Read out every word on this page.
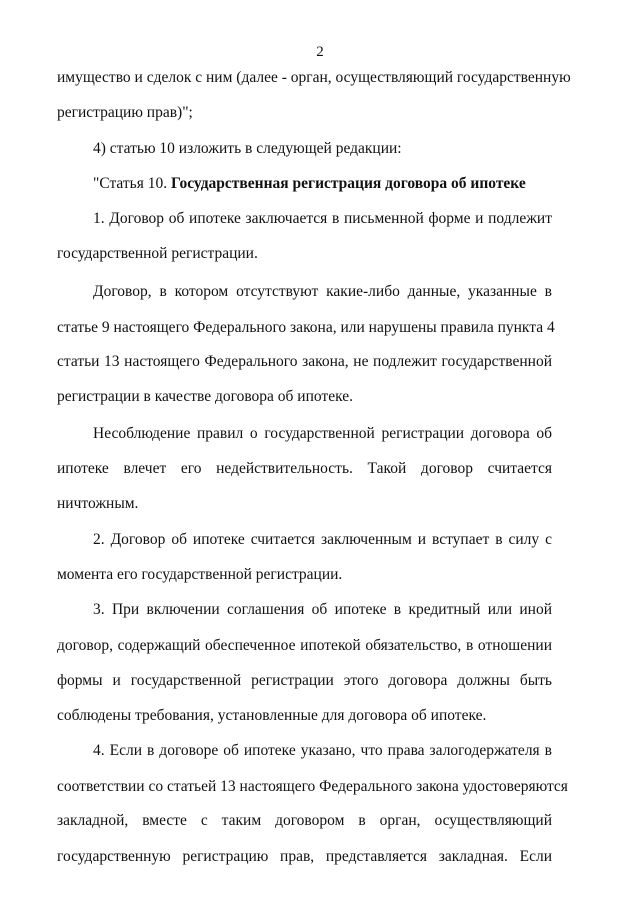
2
имущество и сделок с ним (далее - орган, осуществляющий государственную
регистрацию прав)";
4) статью 10 изложить в следующей редакции:
"Статья 10. Государственная регистрация договора об ипотеке
1. Договор об ипотеке заключается в письменной форме и подлежит
государственной регистрации.
Договор, в котором отсутствуют какие-либо данные, указанные в
статье 9 настоящего Федерального закона, или нарушены правила пункта 4
статьи 13 настоящего Федерального закона, не подлежит государственной
регистрации в качестве договора об ипотеке.
Несоблюдение правил о государственной регистрации договора об
ипотеке влечет его недействительность. Такой договор считается
ничтожным.
2. Договор об ипотеке считается заключенным и вступает в силу с
момента его государственной регистрации.
3. При включении соглашения об ипотеке в кредитный или иной
договор, содержащий обеспеченное ипотекой обязательство, в отношении
формы и государственной регистрации этого договора должны быть
соблюдены требования, установленные для договора об ипотеке.
4. Если в договоре об ипотеке указано, что права залогодержателя в
соответствии со статьей 13 настоящего Федерального закона удостоверяются
закладной, вместе с таким договором в орган, осуществляющий
государственную регистрацию прав, представляется закладная. Если
